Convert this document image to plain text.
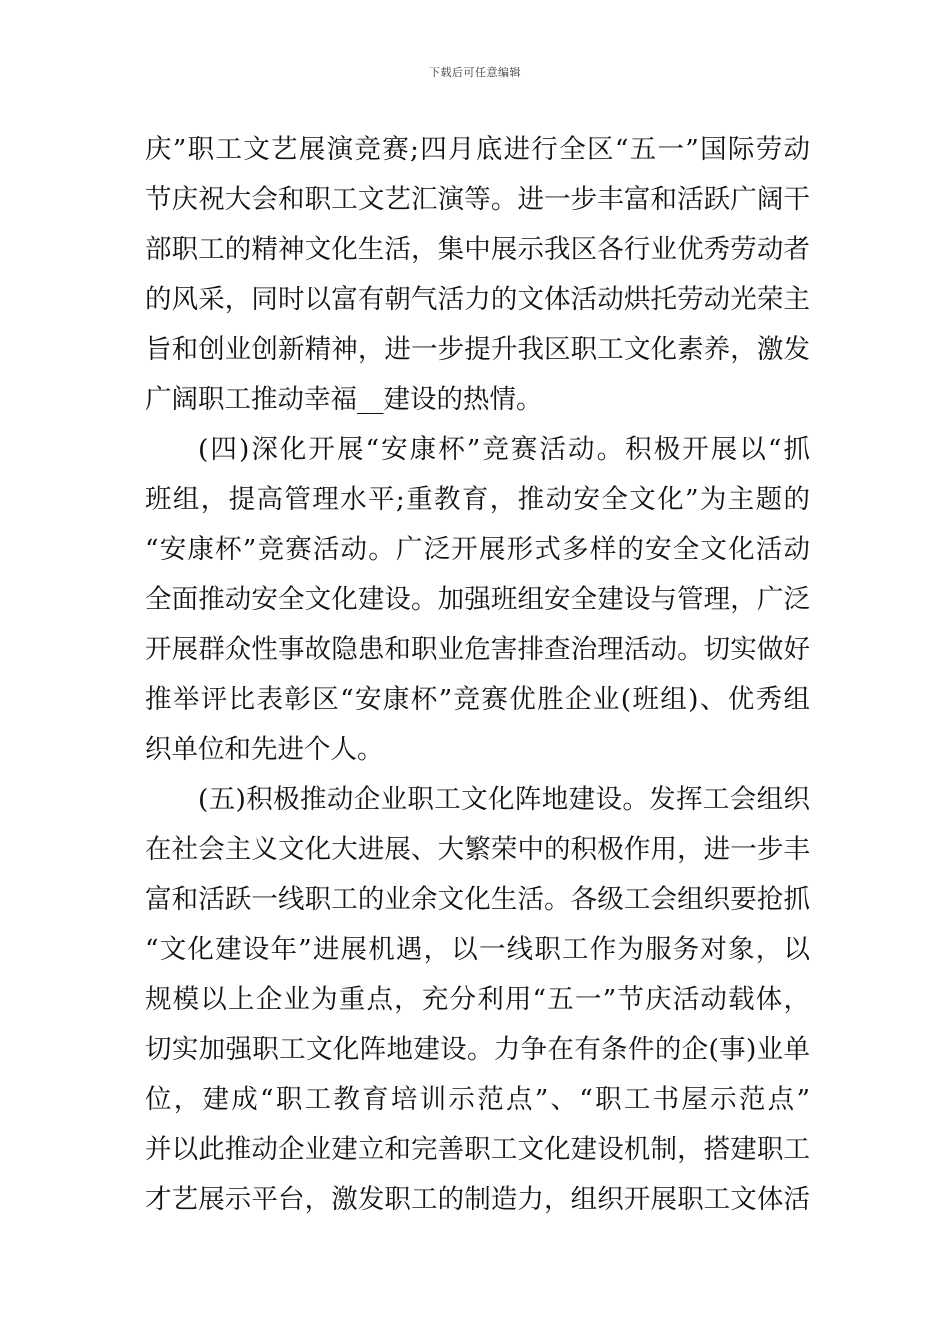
下载后可任意编辑
庆”职工文艺展演竞赛;四月底进行全区“五一”国际劳动
节庆祝大会和职工文艺汇演等。进一步丰富和活跃广阔干
部职工的精神文化生活，集中展示我区各行业优秀劳动者
的风采，同时以富有朝气活力的文体活动烘托劳动光荣主
旨和创业创新精神，进一步提升我区职工文化素养，激发
广阔职工推动幸福__建设的热情。
(四)深化开展“安康杯”竞赛活动。积极开展以“抓
班组，提高管理水平;重教育，推动安全文化”为主题的
“安康杯”竞赛活动。广泛开展形式多样的安全文化活动
全面推动安全文化建设。加强班组安全建设与管理，广泛
开展群众性事故隐患和职业危害排查治理活动。切实做好
推举评比表彰区“安康杯”竞赛优胜企业(班组)、优秀组
织单位和先进个人。
(五)积极推动企业职工文化阵地建设。发挥工会组织
在社会主义文化大进展、大繁荣中的积极作用，进一步丰
富和活跃一线职工的业余文化生活。各级工会组织要抢抓
“文化建设年”进展机遇，以一线职工作为服务对象，以
规模以上企业为重点，充分利用“五一”节庆活动载体，
切实加强职工文化阵地建设。力争在有条件的企(事)业单
位，建成“职工教育培训示范点”、“职工书屋示范点”
并以此推动企业建立和完善职工文化建设机制，搭建职工
才艺展示平台，激发职工的制造力，组织开展职工文体活
